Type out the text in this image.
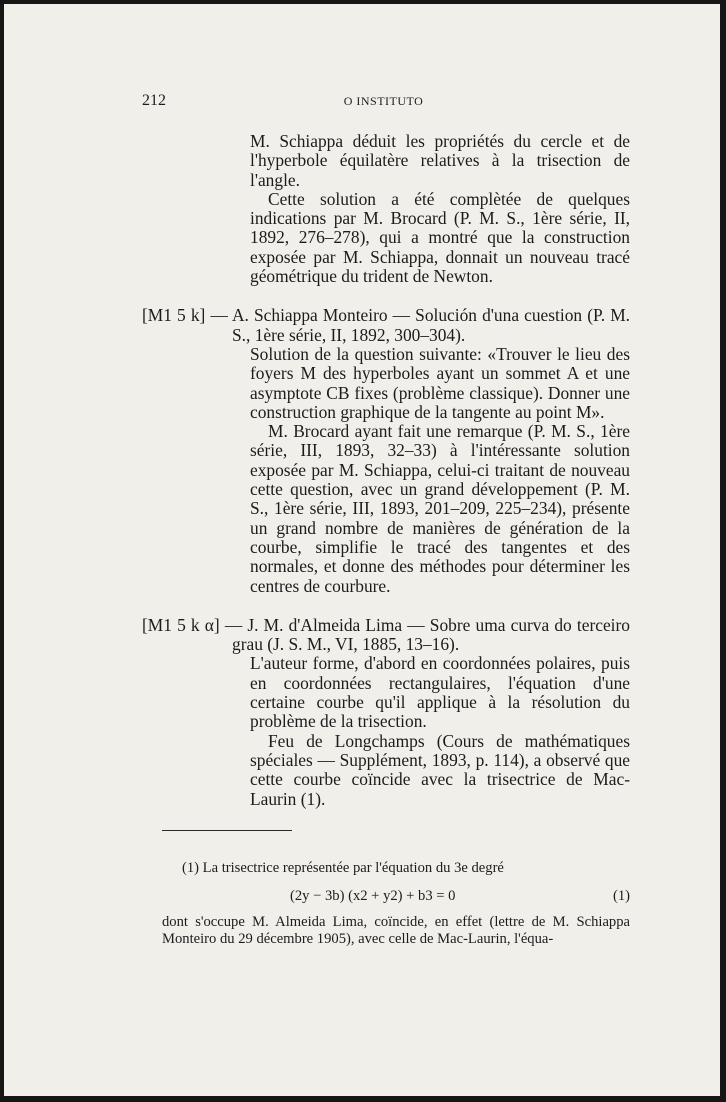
212	O INSTITUTO

M. Schiappa déduit les propriétés du cercle et de l'hyperbole équilatère relatives à la trisection de l'angle.

Cette solution a été complètée de quelques indications par M. Brocard (P. M. S., 1ère série, II, 1892, 276–278), qui a montré que la construction exposée par M. Schiappa, donnait un nouveau tracé géométrique du trident de Newton.

[M1 5 k] — A. Schiappa Monteiro — Solución d'una cuestion (P. M. S., 1ère série, II, 1892, 300–304).

Solution de la question suivante: «Trouver le lieu des foyers M des hyperboles ayant un sommet A et une asymptote CB fixes (problème classique). Donner une construction graphique de la tangente au point M».

M. Brocard ayant fait une remarque (P. M. S., 1ère série, III, 1893, 32–33) à l'intéressante solution exposée par M. Schiappa, celui-ci traitant de nouveau cette question, avec un grand développement (P. M. S., 1ère série, III, 1893, 201–209, 225–234), présente un grand nombre de manières de génération de la courbe, simplifie le tracé des tangentes et des normales, et donne des méthodes pour déterminer les centres de courbure.

[M1 5 k α] — J. M. d'Almeida Lima — Sobre uma curva do terceiro grau (J. S. M., VI, 1885, 13–16).

L'auteur forme, d'abord en coordonnées polaires, puis en coordonnées rectangulaires, l'équation d'une certaine courbe qu'il applique à la résolution du problème de la trisection.

Feu de Longchamps (Cours de mathématiques spéciales — Supplément, 1893, p. 114), a observé que cette courbe coïncide avec la trisectrice de Mac-Laurin (1).

(1) La trisectrice représentée par l'équation du 3e degré

(2y − 3b) (x2 + y2) + b3 = 0	(1)

dont s'occupe M. Almeida Lima, coïncide, en effet (lettre de M. Schiappa Monteiro du 29 décembre 1905), avec celle de Mac-Laurin, l'équa-
